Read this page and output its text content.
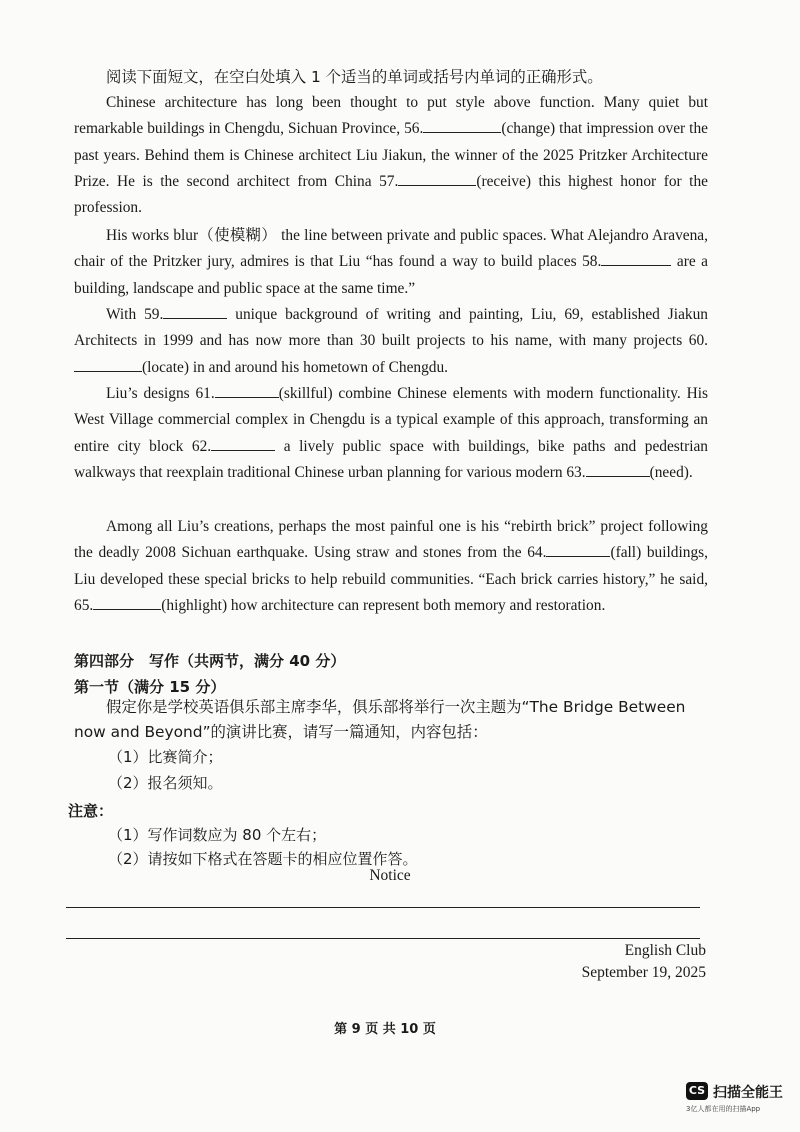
阅读下面短文，在空白处填入 1 个适当的单词或括号内单词的正确形式。
Chinese architecture has long been thought to put style above function. Many quiet but remarkable buildings in Chengdu, Sichuan Province, 56.	(change) that impression over the past years. Behind them is Chinese architect Liu Jiakun, the winner of the 2025 Pritzker Architecture Prize. He is the second architect from China 57.	(receive) this highest honor for the profession.
His works blur（使模糊） the line between private and public spaces. What Alejandro Aravena, chair of the Pritzker jury, admires is that Liu “has found a way to build places 58.	are a building, landscape and public space at the same time.”
With 59.	unique background of writing and painting, Liu, 69, established Jiakun Architects in 1999 and has now more than 30 built projects to his name, with many projects 60.(locate) in and around his hometown of Chengdu.
Liu’s designs 61.	(skillful) combine Chinese elements with modern functionality. His West Village commercial complex in Chengdu is a typical example of this approach, transforming an entire city block 62.	a lively public space with buildings, bike paths and pedestrian walkways that reexplain traditional Chinese urban planning for various modern 63.	(need).
Among all Liu’s creations, perhaps the most painful one is his “rebirth brick” project following the deadly 2008 Sichuan earthquake. Using straw and stones from the 64.	(fall) buildings, Liu developed these special bricks to help rebuild communities. “Each brick carries history,” he said, 65.	(highlight) how architecture can represent both memory and restoration.
第四部分　写作（共两节，满分 40 分）
第一节（满分 15 分）
假定你是学校英语俱乐部主席李华，俱乐部将举行一次主题为“The Bridge Between now and Beyond”的演讲比赛，请写一篇通知，内容包括：
（1）比赛简介；
（2）报名须知。
注意：
（1）写作词数应为 80 个左右；
（2）请按如下格式在答题卡的相应位置作答。
Notice
English Club
September 19, 2025
第 9 页 共 10 页
CS 扫描全能王
3亿人都在用的扫描App
